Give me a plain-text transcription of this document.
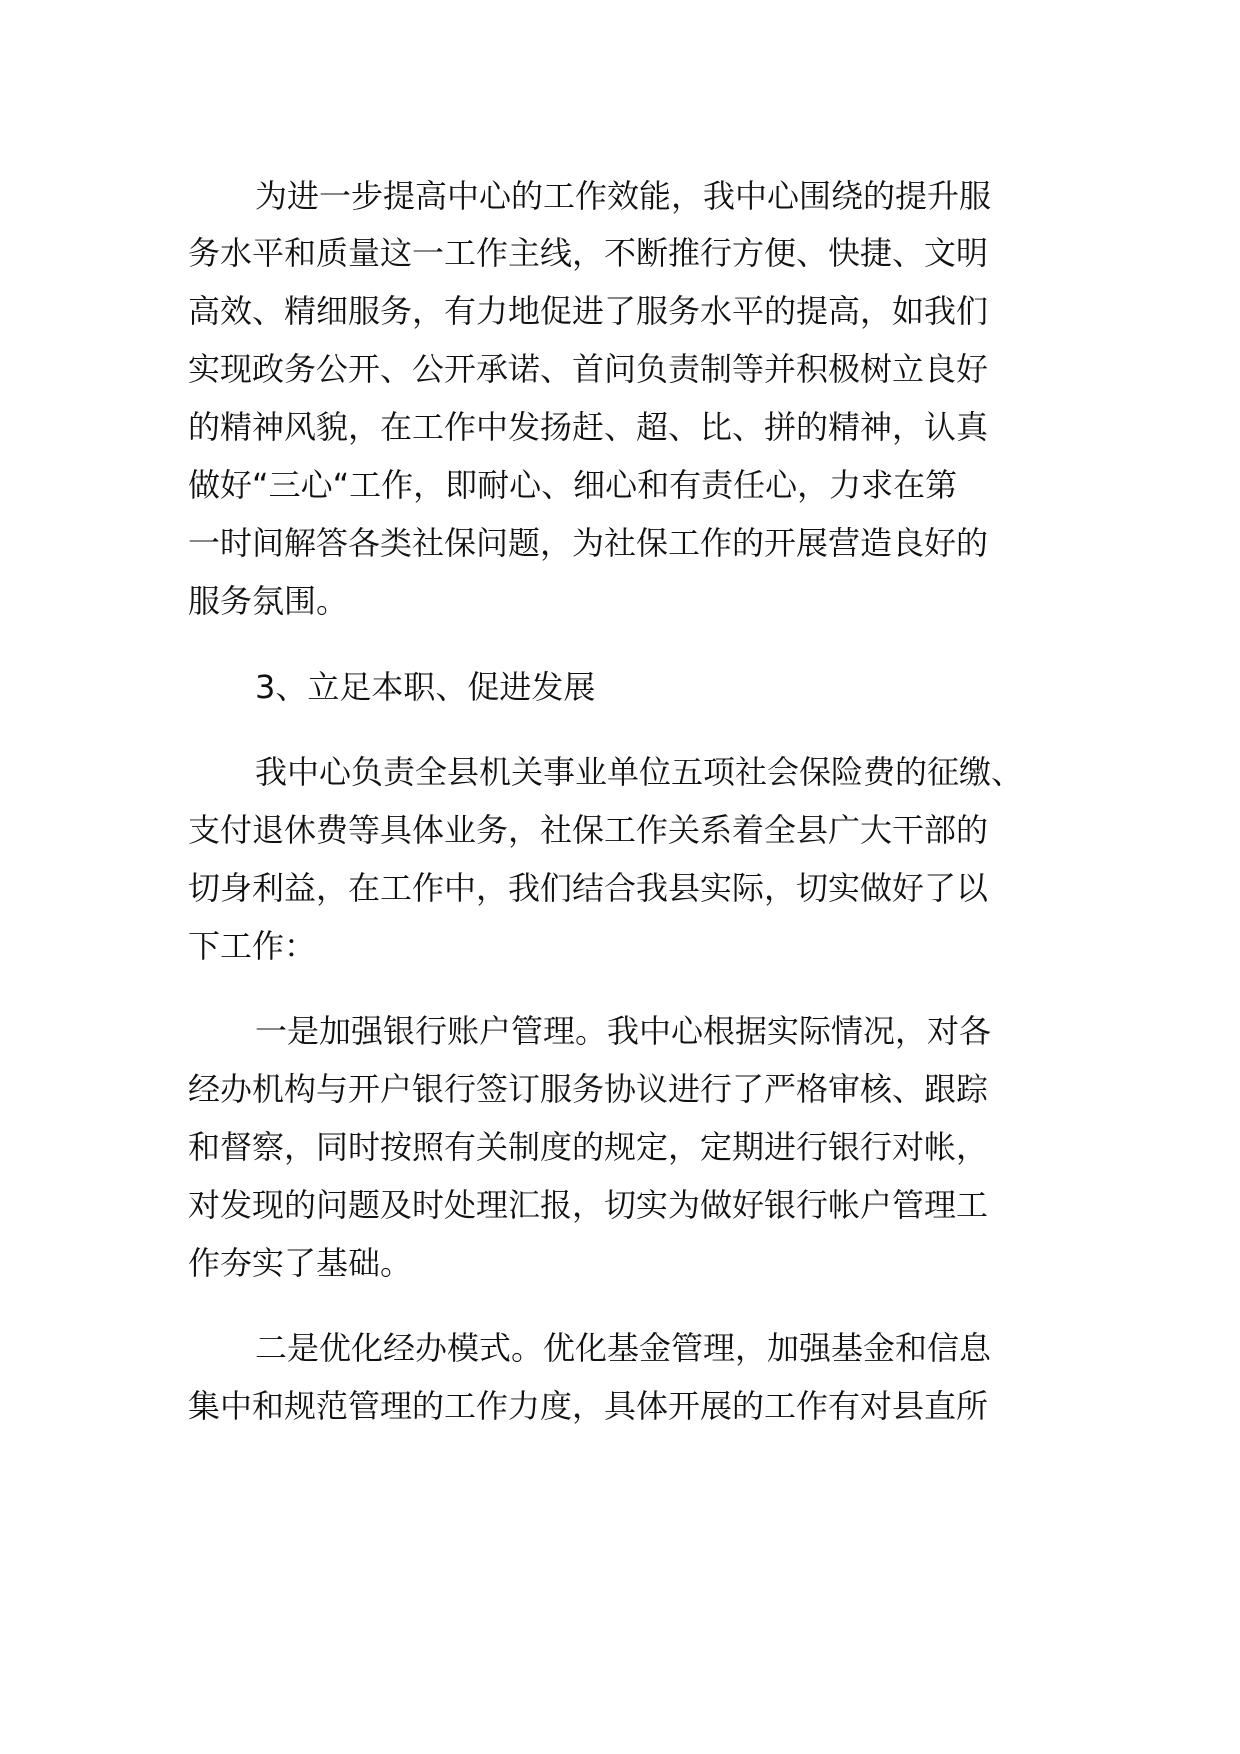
为进一步提高中心的工作效能，我中心围绕的提升服

务水平和质量这一工作主线，不断推行方便、快捷、文明

高效、精细服务，有力地促进了服务水平的提高，如我们

实现政务公开、公开承诺、首问负责制等并积极树立良好

的精神风貌，在工作中发扬赶、超、比、拼的精神，认真

做好“三心“工作，即耐心、细心和有责任心，力求在第

一时间解答各类社保问题，为社保工作的开展营造良好的

服务氛围。

3、立足本职、促进发展

我中心负责全县机关事业单位五项社会保险费的征缴、

支付退休费等具体业务，社保工作关系着全县广大干部的

切身利益，在工作中，我们结合我县实际，切实做好了以

下工作：

一是加强银行账户管理。我中心根据实际情况，对各

经办机构与开户银行签订服务协议进行了严格审核、跟踪

和督察，同时按照有关制度的规定，定期进行银行对帐，

对发现的问题及时处理汇报，切实为做好银行帐户管理工

作夯实了基础。

二是优化经办模式。优化基金管理，加强基金和信息

集中和规范管理的工作力度，具体开展的工作有对县直所
